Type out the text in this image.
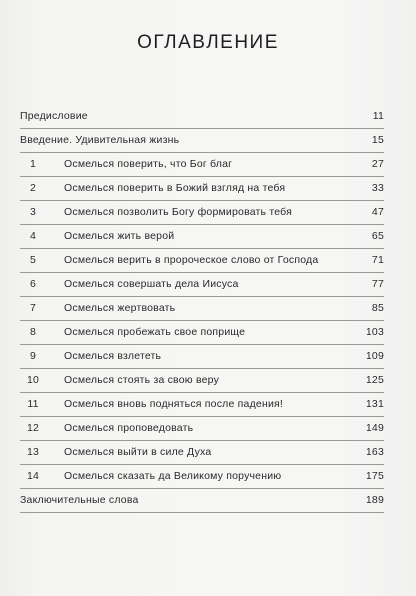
ОГЛАВЛЕНИЕ
Предисловие	11
Введение. Удивительная жизнь	15
1	Осмелься поверить, что Бог благ	27
2	Осмелься поверить в Божий взгляд на тебя	33
3	Осмелься позволить Богу формировать тебя	47
4	Осмелься жить верой	65
5	Осмелься верить в пророческое слово от Господа	71
6	Осмелься совершать дела Иисуса	77
7	Осмелься жертвовать	85
8	Осмелься пробежать свое поприще	103
9	Осмелься взлететь	109
10	Осмелься стоять за свою веру	125
11	Осмелься вновь подняться после падения!	131
12	Осмелься проповедовать	149
13	Осмелься выйти в силе Духа	163
14	Осмелься сказать да Великому поручению	175
Заключительные слова	189
